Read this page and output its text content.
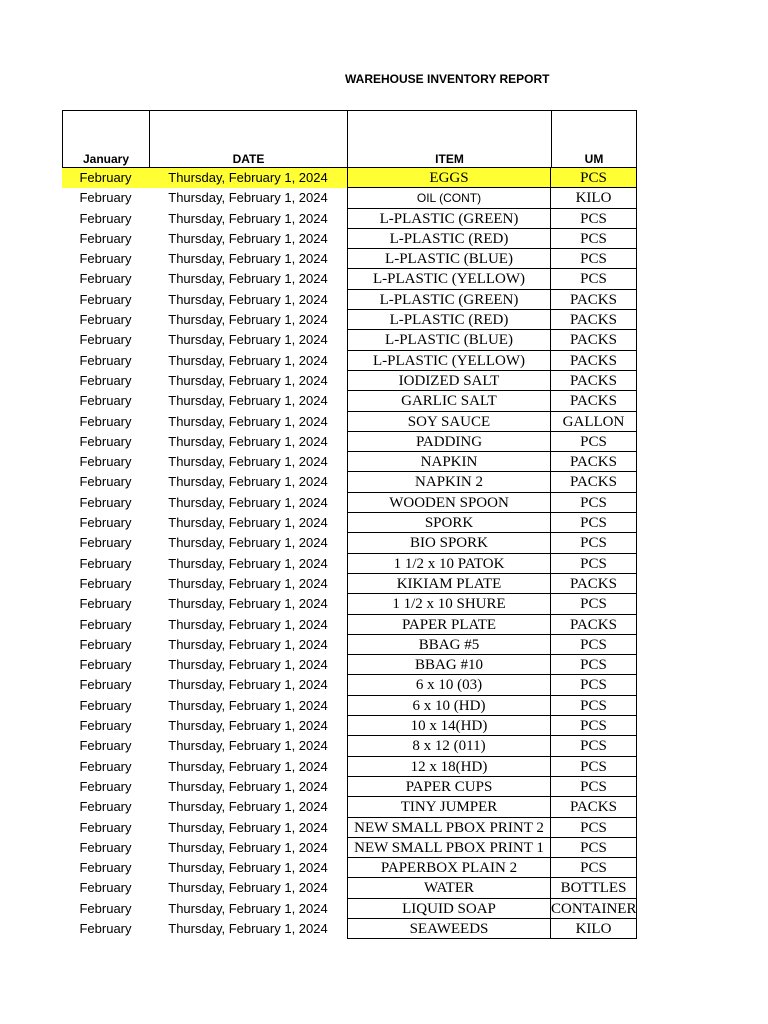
WAREHOUSE INVENTORY REPORT
January	DATE	ITEM	UM
February	Thursday, February 1, 2024	EGGS	PCS
February	Thursday, February 1, 2024	OIL (CONT)	KILO
February	Thursday, February 1, 2024	L-PLASTIC (GREEN)	PCS
February	Thursday, February 1, 2024	L-PLASTIC (RED)	PCS
February	Thursday, February 1, 2024	L-PLASTIC (BLUE)	PCS
February	Thursday, February 1, 2024	L-PLASTIC (YELLOW)	PCS
February	Thursday, February 1, 2024	L-PLASTIC (GREEN)	PACKS
February	Thursday, February 1, 2024	L-PLASTIC (RED)	PACKS
February	Thursday, February 1, 2024	L-PLASTIC (BLUE)	PACKS
February	Thursday, February 1, 2024	L-PLASTIC (YELLOW)	PACKS
February	Thursday, February 1, 2024	IODIZED SALT	PACKS
February	Thursday, February 1, 2024	GARLIC SALT	PACKS
February	Thursday, February 1, 2024	SOY SAUCE	GALLON
February	Thursday, February 1, 2024	PADDING	PCS
February	Thursday, February 1, 2024	NAPKIN	PACKS
February	Thursday, February 1, 2024	NAPKIN 2	PACKS
February	Thursday, February 1, 2024	WOODEN SPOON	PCS
February	Thursday, February 1, 2024	SPORK	PCS
February	Thursday, February 1, 2024	BIO SPORK	PCS
February	Thursday, February 1, 2024	1 1/2 x 10 PATOK	PCS
February	Thursday, February 1, 2024	KIKIAM PLATE	PACKS
February	Thursday, February 1, 2024	1 1/2 x 10 SHURE	PCS
February	Thursday, February 1, 2024	PAPER PLATE	PACKS
February	Thursday, February 1, 2024	BBAG #5	PCS
February	Thursday, February 1, 2024	BBAG #10	PCS
February	Thursday, February 1, 2024	6 x 10 (03)	PCS
February	Thursday, February 1, 2024	6 x 10 (HD)	PCS
February	Thursday, February 1, 2024	10 x 14(HD)	PCS
February	Thursday, February 1, 2024	8 x 12 (011)	PCS
February	Thursday, February 1, 2024	12 x 18(HD)	PCS
February	Thursday, February 1, 2024	PAPER CUPS	PCS
February	Thursday, February 1, 2024	TINY JUMPER	PACKS
February	Thursday, February 1, 2024	NEW SMALL PBOX PRINT 2	PCS
February	Thursday, February 1, 2024	NEW SMALL PBOX PRINT 1	PCS
February	Thursday, February 1, 2024	PAPERBOX PLAIN 2	PCS
February	Thursday, February 1, 2024	WATER	BOTTLES
February	Thursday, February 1, 2024	LIQUID SOAP	CONTAINER
February	Thursday, February 1, 2024	SEAWEEDS	KILO
